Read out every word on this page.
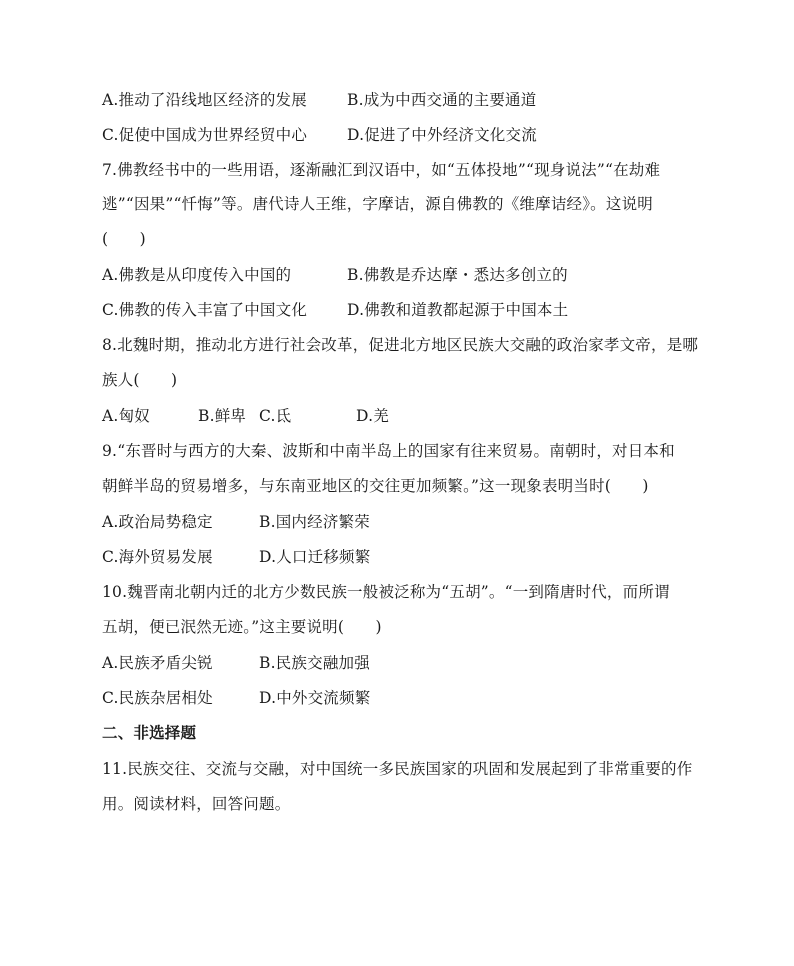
A.推动了沿线地区经济的发展	B.成为中西交通的主要通道
C.促使中国成为世界经贸中心	D.促进了中外经济文化交流
7.佛教经书中的一些用语，逐渐融汇到汉语中，如“五体投地”“现身说法”“在劫难
逃”“因果”“忏悔”等。唐代诗人王维，字摩诘，源自佛教的《维摩诘经》。这说明
(　　)
A.佛教是从印度传入中国的	B.佛教是乔达摩・悉达多创立的
C.佛教的传入丰富了中国文化	D.佛教和道教都起源于中国本土
8.北魏时期，推动北方进行社会改革，促进北方地区民族大交融的政治家孝文帝，是哪
族人(　　)
A.匈奴	B.鲜卑 C.氐	D.羌
9.“东晋时与西方的大秦、波斯和中南半岛上的国家有往来贸易。南朝时，对日本和
朝鲜半岛的贸易增多，与东南亚地区的交往更加频繁。”这一现象表明当时(　　)
A.政治局势稳定	B.国内经济繁荣
C.海外贸易发展	D.人口迁移频繁
10.魏晋南北朝内迁的北方少数民族一般被泛称为“五胡”。“一到隋唐时代，而所谓
五胡，便已泯然无迹。”这主要说明(　　)
A.民族矛盾尖锐	B.民族交融加强
C.民族杂居相处	D.中外交流频繁
二、非选择题
11.民族交往、交流与交融，对中国统一多民族国家的巩固和发展起到了非常重要的作
用。阅读材料，回答问题。
